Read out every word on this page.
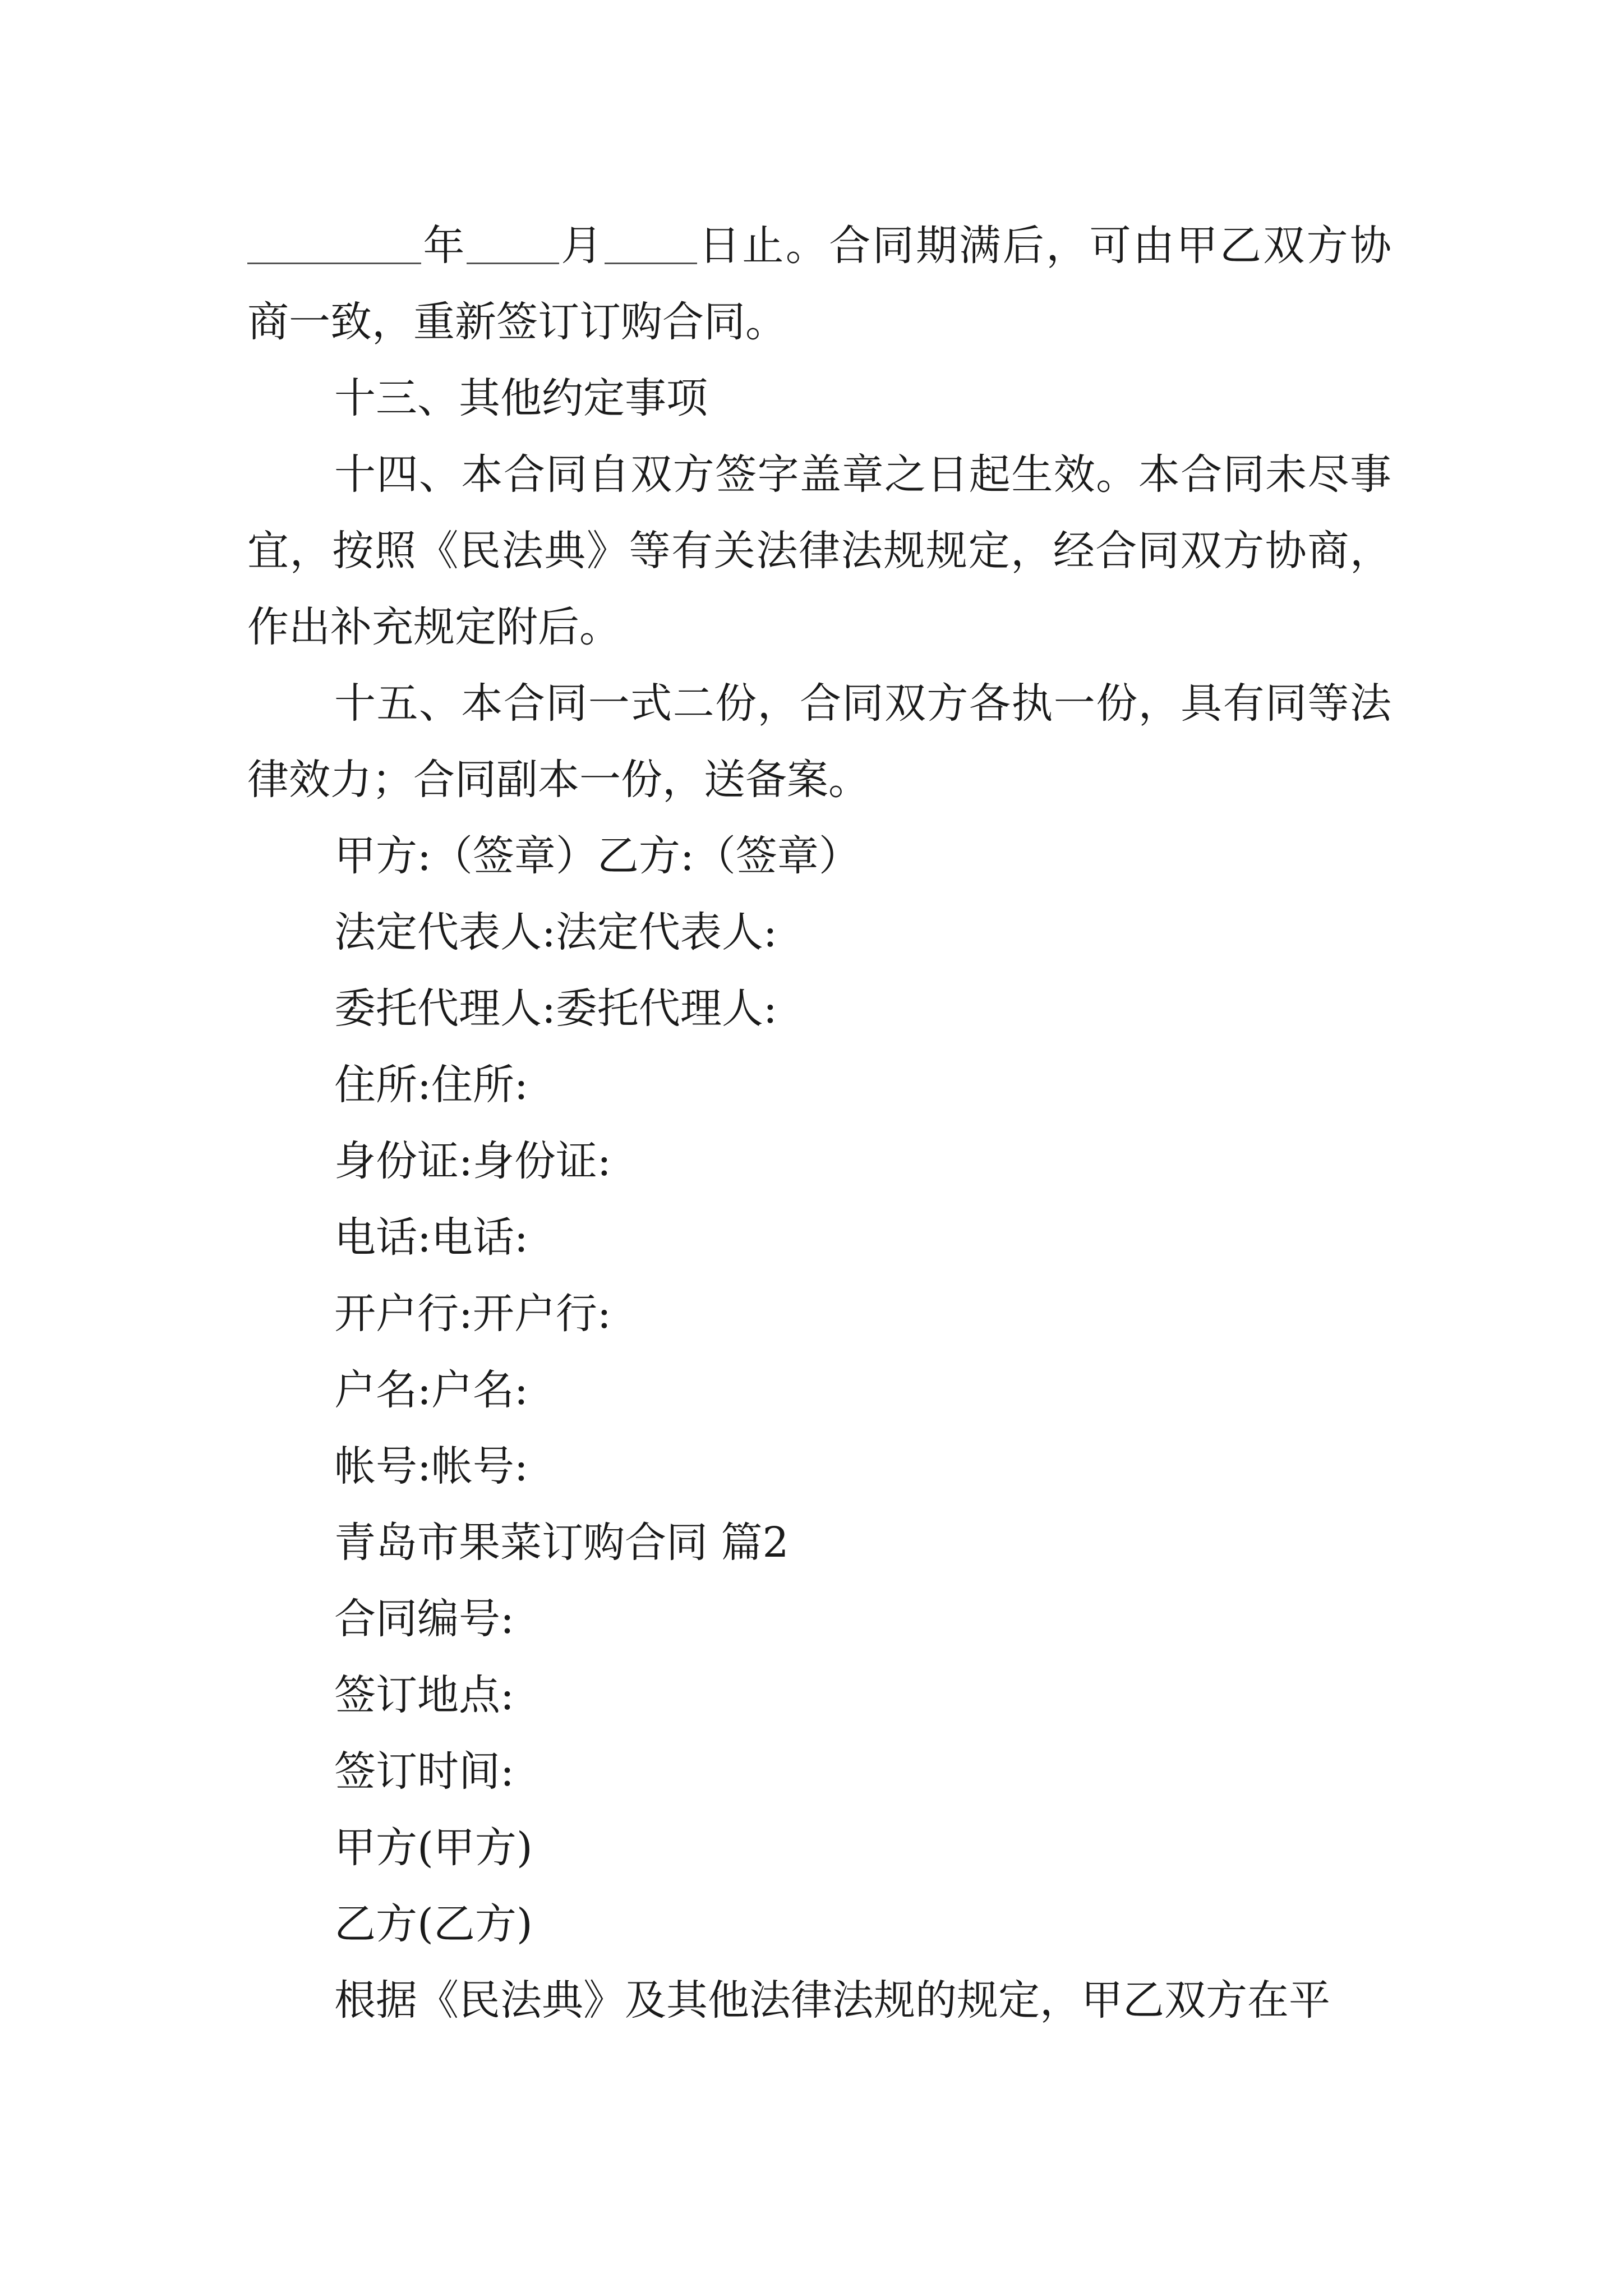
年 月 日止。合同期满后，可由甲乙双方协商一致，重新签订订购合同。

十三、其他约定事项

十四、本合同自双方签字盖章之日起生效。本合同未尽事宜，按照《民法典》等有关法律法规规定，经合同双方协商，作出补充规定附后。

十五、本合同一式二份，合同双方各执一份，具有同等法律效力；合同副本一份，送备案。

甲方:（签章）乙方:（签章）

法定代表人:法定代表人:

委托代理人:委托代理人:

住所:住所:

身份证:身份证:

电话:电话:

开户行:开户行:

户名:户名:

帐号:帐号:

青岛市果菜订购合同 篇2

合同编号:

签订地点:

签订时间:

甲方(甲方)

乙方(乙方)

根据《民法典》及其他法律法规的规定，甲乙双方在平
